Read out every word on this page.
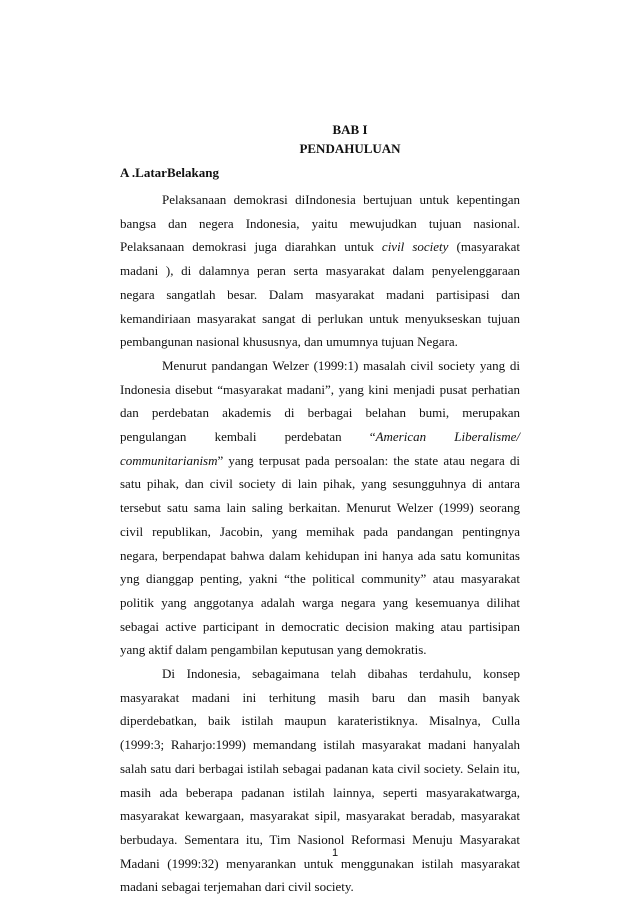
BAB I
PENDAHULUAN
A .LatarBelakang

Pelaksanaan demokrasi diIndonesia bertujuan untuk kepentingan bangsa dan negera Indonesia, yaitu mewujudkan tujuan nasional. Pelaksanaan demokrasi juga diarahkan untuk civil society (masyarakat madani ), di dalamnya peran serta masyarakat dalam penyelenggaraan negara sangatlah besar. Dalam masyarakat madani partisipasi dan kemandiriaan masyarakat sangat di perlukan untuk menyukseskan tujuan pembangunan nasional khususnya, dan umumnya tujuan Negara.

Menurut pandangan Welzer (1999:1) masalah civil society yang di Indonesia disebut “masyarakat madani”, yang kini menjadi pusat perhatian dan perdebatan akademis di berbagai belahan bumi, merupakan pengulangan kembali perdebatan “American Liberalisme/ communitarianism” yang terpusat pada persoalan: the state atau negara di satu pihak, dan civil society di lain pihak, yang sesungguhnya di antara tersebut satu sama lain saling berkaitan. Menurut Welzer (1999) seorang civil republikan, Jacobin, yang memihak pada pandangan pentingnya negara, berpendapat bahwa dalam kehidupan ini hanya ada satu komunitas yng dianggap penting, yakni “the political community” atau masyarakat politik yang anggotanya adalah warga negara yang kesemuanya dilihat sebagai active participant in democratic decision making atau partisipan yang aktif dalam pengambilan keputusan yang demokratis.

Di Indonesia, sebagaimana telah dibahas terdahulu, konsep masyarakat madani ini terhitung masih baru dan masih banyak diperdebatkan, baik istilah maupun karateristiknya. Misalnya, Culla (1999:3; Raharjo:1999) memandang istilah masyarakat madani hanyalah salah satu dari berbagai istilah sebagai padanan kata civil society. Selain itu, masih ada beberapa padanan istilah lainnya, seperti masyarakatwarga, masyarakat kewargaan, masyarakat sipil, masyarakat beradab, masyarakat berbudaya. Sementara itu, Tim Nasionol Reformasi Menuju Masyarakat Madani (1999:32) menyarankan untuk menggunakan istilah masyarakat madani sebagai terjemahan dari civil society.

1
